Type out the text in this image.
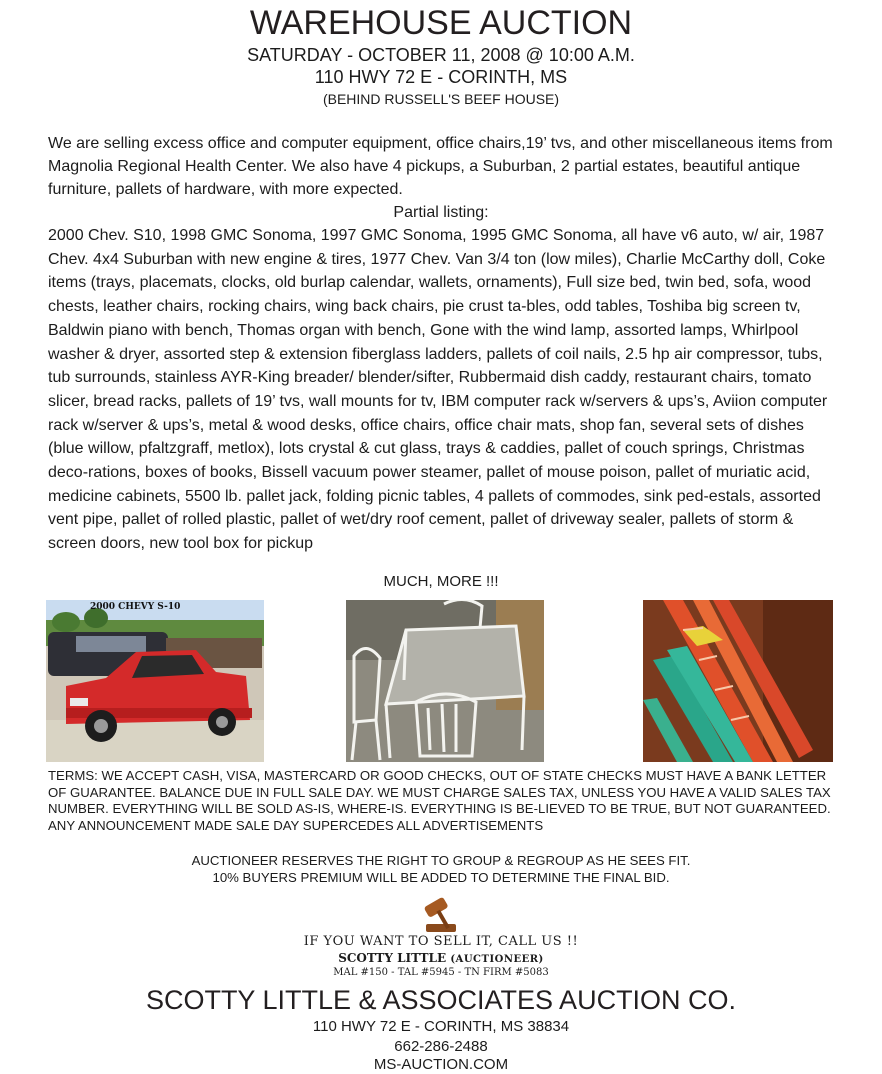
WAREHOUSE AUCTION
SATURDAY - OCTOBER 11, 2008 @ 10:00 A.M.
110 HWY 72 E - CORINTH, MS
(BEHIND RUSSELL'S BEEF HOUSE)
We are selling excess office and computer equipment, office chairs,19’ tvs, and other miscellaneous items from Magnolia Regional Health Center. We also have 4 pickups, a Suburban, 2 partial estates, beautiful antique furniture, pallets of hardware, with more expected.
Partial listing:
2000 Chev. S10, 1998 GMC Sonoma, 1997 GMC Sonoma, 1995 GMC Sonoma, all have v6 auto, w/ air, 1987 Chev. 4x4 Suburban with new engine & tires, 1977 Chev. Van 3/4 ton (low miles), Charlie McCarthy doll, Coke items (trays, placemats, clocks, old burlap calendar, wallets, ornaments), Full size bed, twin bed, sofa, wood chests, leather chairs, rocking chairs, wing back chairs, pie crust ta-bles, odd tables, Toshiba big screen tv, Baldwin piano with bench, Thomas organ with bench, Gone with the wind lamp, assorted lamps, Whirlpool washer & dryer, assorted step & extension fiberglass ladders, pallets of coil nails, 2.5 hp air compressor, tubs, tub surrounds, stainless AYR-King breader/ blender/sifter, Rubbermaid dish caddy, restaurant chairs, tomato slicer, bread racks, pallets of 19’ tvs, wall mounts for tv, IBM computer rack w/servers & ups’s, Aviion computer rack w/server & ups’s, metal & wood desks, office chairs, office chair mats, shop fan, several sets of dishes (blue willow, pfaltzgraff, metlox), lots crystal & cut glass, trays & caddies, pallet of couch springs, Christmas deco-rations, boxes of books, Bissell vacuum power steamer, pallet of mouse poison, pallet of muriatic acid, medicine cabinets, 5500 lb. pallet jack, folding picnic tables, 4 pallets of commodes, sink ped-estals, assorted vent pipe, pallet of rolled plastic, pallet of wet/dry roof cement, pallet of driveway sealer, pallets of storm & screen doors, new tool box for pickup
MUCH, MORE !!!
2000 CHEVY S-10
TERMS: WE ACCEPT CASH, VISA, MASTERCARD OR GOOD CHECKS, OUT OF STATE CHECKS MUST HAVE A BANK LETTER OF GUARANTEE. BALANCE DUE IN FULL SALE DAY. WE MUST CHARGE SALES TAX, UNLESS YOU HAVE A VALID SALES TAX NUMBER. EVERYTHING WILL BE SOLD AS-IS, WHERE-IS. EVERYTHING IS BE-LIEVED TO BE TRUE, BUT NOT GUARANTEED. ANY ANNOUNCEMENT MADE SALE DAY SUPERCEDES ALL ADVERTISEMENTS
AUCTIONEER RESERVES THE RIGHT TO GROUP & REGROUP AS HE SEES FIT.
10% BUYERS PREMIUM WILL BE ADDED TO DETERMINE THE FINAL BID.
IF YOU WANT TO SELL IT, CALL US !!
SCOTTY LITTLE (AUCTIONEER)
MAL #150 - TAL #5945 - TN FIRM #5083
SCOTTY LITTLE & ASSOCIATES AUCTION CO.
110 HWY 72 E - CORINTH, MS 38834
662-286-2488
MS-AUCTION.COM
